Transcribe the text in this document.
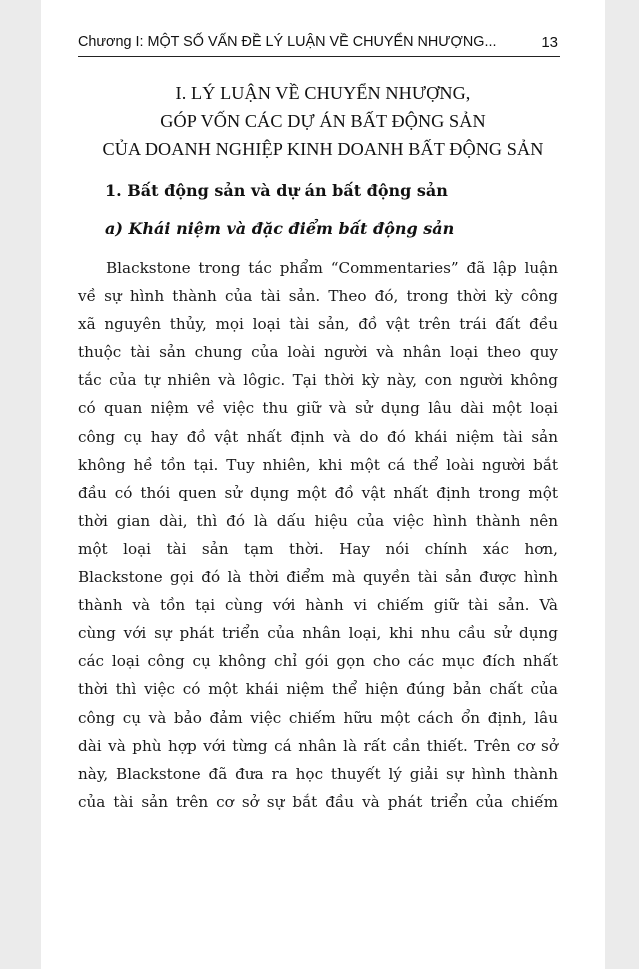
Chương I: MỘT SỐ VẤN ĐỀ LÝ LUẬN VỀ CHUYỂN NHƯỢNG...	13
I. LÝ LUẬN VỀ CHUYỂN NHƯỢNG,
GÓP VỐN CÁC DỰ ÁN BẤT ĐỘNG SẢN
CỦA DOANH NGHIỆP KINH DOANH BẤT ĐỘNG SẢN
1. Bất động sản và dự án bất động sản
a) Khái niệm và đặc điểm bất động sản
Blackstone trong tác phẩm “Commentaries” đã lập luận
về sự hình thành của tài sản. Theo đó, trong thời kỳ công
xã nguyên thủy, mọi loại tài sản, đồ vật trên trái đất đều
thuộc tài sản chung của loài người và nhân loại theo quy
tắc của tự nhiên và lôgic. Tại thời kỳ này, con người không
có quan niệm về việc thu giữ và sử dụng lâu dài một loại
công cụ hay đồ vật nhất định và do đó khái niệm tài sản
không hề tồn tại. Tuy nhiên, khi một cá thể loài người bắt
đầu có thói quen sử dụng một đồ vật nhất định trong một
thời gian dài, thì đó là dấu hiệu của việc hình thành nên
một loại tài sản tạm thời. Hay nói chính xác hơn,
Blackstone gọi đó là thời điểm mà quyền tài sản được hình
thành và tồn tại cùng với hành vi chiếm giữ tài sản. Và
cùng với sự phát triển của nhân loại, khi nhu cầu sử dụng
các loại công cụ không chỉ gói gọn cho các mục đích nhất
thời thì việc có một khái niệm thể hiện đúng bản chất của
công cụ và bảo đảm việc chiếm hữu một cách ổn định, lâu
dài và phù hợp với từng cá nhân là rất cần thiết. Trên cơ sở
này, Blackstone đã đưa ra học thuyết lý giải sự hình thành
của tài sản trên cơ sở sự bắt đầu và phát triển của chiếm
